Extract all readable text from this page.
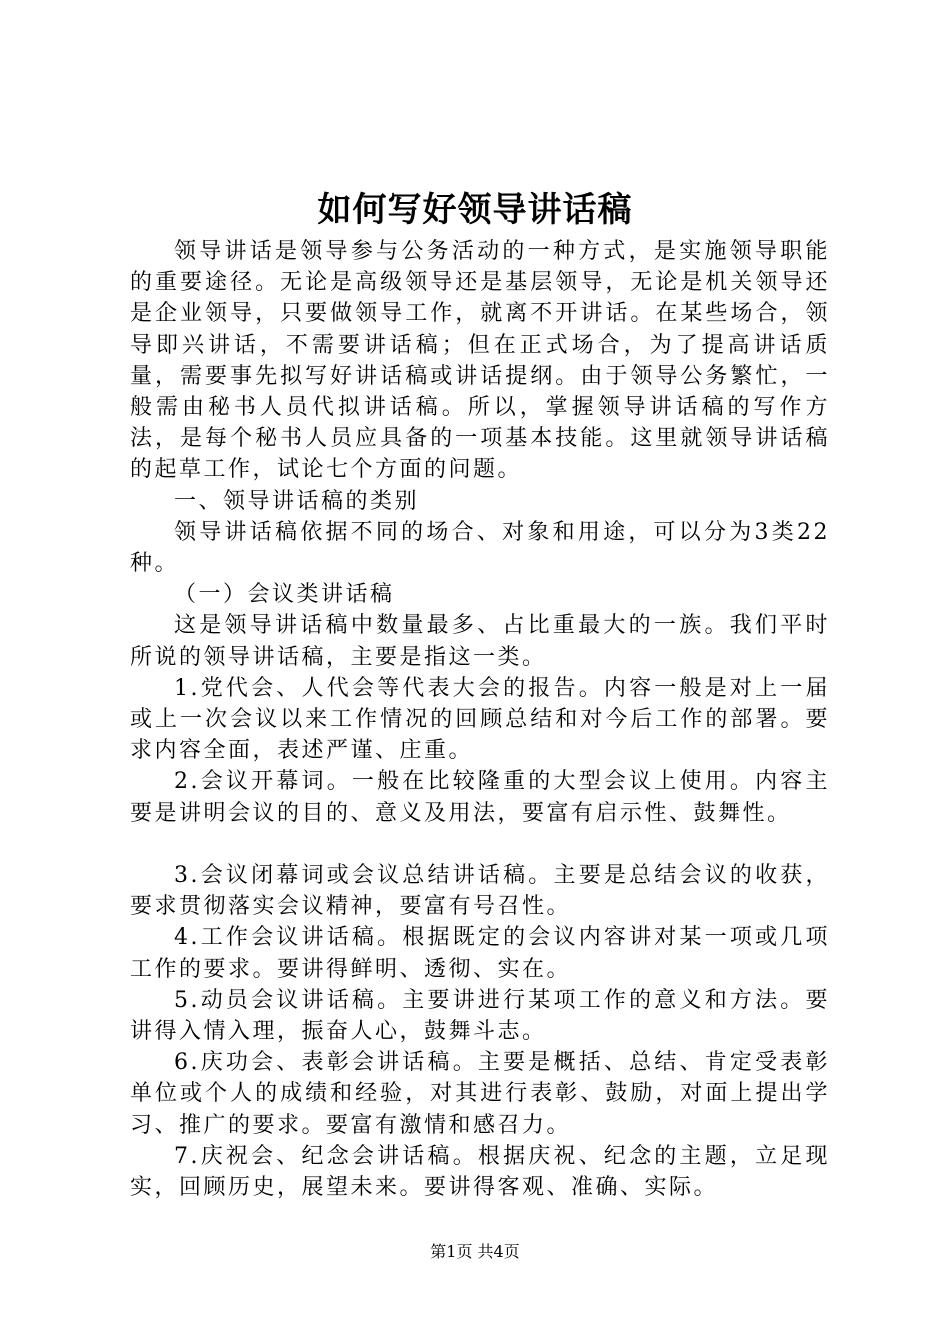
如何写好领导讲话稿

领导讲话是领导参与公务活动的一种方式，是实施领导职能的重要途径。无论是高级领导还是基层领导，无论是机关领导还是企业领导，只要做领导工作，就离不开讲话。在某些场合，领导即兴讲话，不需要讲话稿；但在正式场合，为了提高讲话质量，需要事先拟写好讲话稿或讲话提纲。由于领导公务繁忙，一般需由秘书人员代拟讲话稿。所以，掌握领导讲话稿的写作方法，是每个秘书人员应具备的一项基本技能。这里就领导讲话稿的起草工作，试论七个方面的问题。

一、领导讲话稿的类别

领导讲话稿依据不同的场合、对象和用途，可以分为3类22种。

（一）会议类讲话稿

这是领导讲话稿中数量最多、占比重最大的一族。我们平时所说的领导讲话稿，主要是指这一类。

1.党代会、人代会等代表大会的报告。内容一般是对上一届或上一次会议以来工作情况的回顾总结和对今后工作的部署。要求内容全面，表述严谨、庄重。

2.会议开幕词。一般在比较隆重的大型会议上使用。内容主要是讲明会议的目的、意义及用法，要富有启示性、鼓舞性。

3.会议闭幕词或会议总结讲话稿。主要是总结会议的收获，要求贯彻落实会议精神，要富有号召性。

4.工作会议讲话稿。根据既定的会议内容讲对某一项或几项工作的要求。要讲得鲜明、透彻、实在。

5.动员会议讲话稿。主要讲进行某项工作的意义和方法。要讲得入情入理，振奋人心，鼓舞斗志。

6.庆功会、表彰会讲话稿。主要是概括、总结、肯定受表彰单位或个人的成绩和经验，对其进行表彰、鼓励，对面上提出学习、推广的要求。要富有激情和感召力。

7.庆祝会、纪念会讲话稿。根据庆祝、纪念的主题，立足现实，回顾历史，展望未来。要讲得客观、准确、实际。

第1页 共4页
